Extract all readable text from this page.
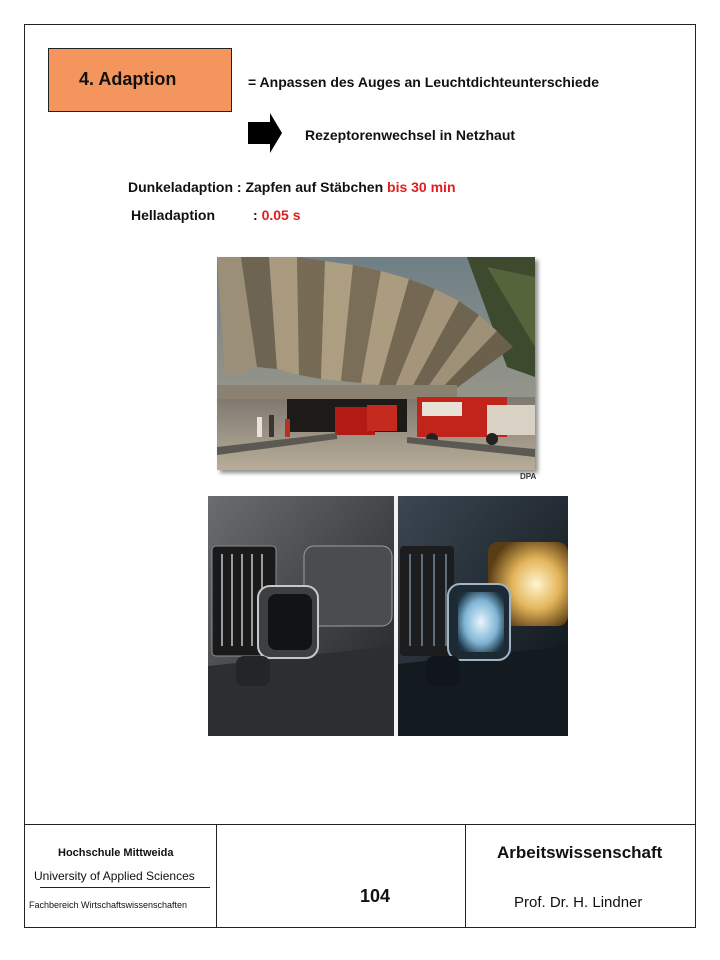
4. Adaption	= Anpassen des Auges an Leuchtdichteunterschiede
Rezeptorenwechsel in Netzhaut
Dunkeladaption : Zapfen auf Stäbchen bis 30 min
Helladaption	: 0.05 s
DPA
Hochschule Mittweida
University of Applied Sciences
Fachbereich Wirtschaftswissenschaften	104
Arbeitswissenschaft
Prof. Dr. H. Lindner
